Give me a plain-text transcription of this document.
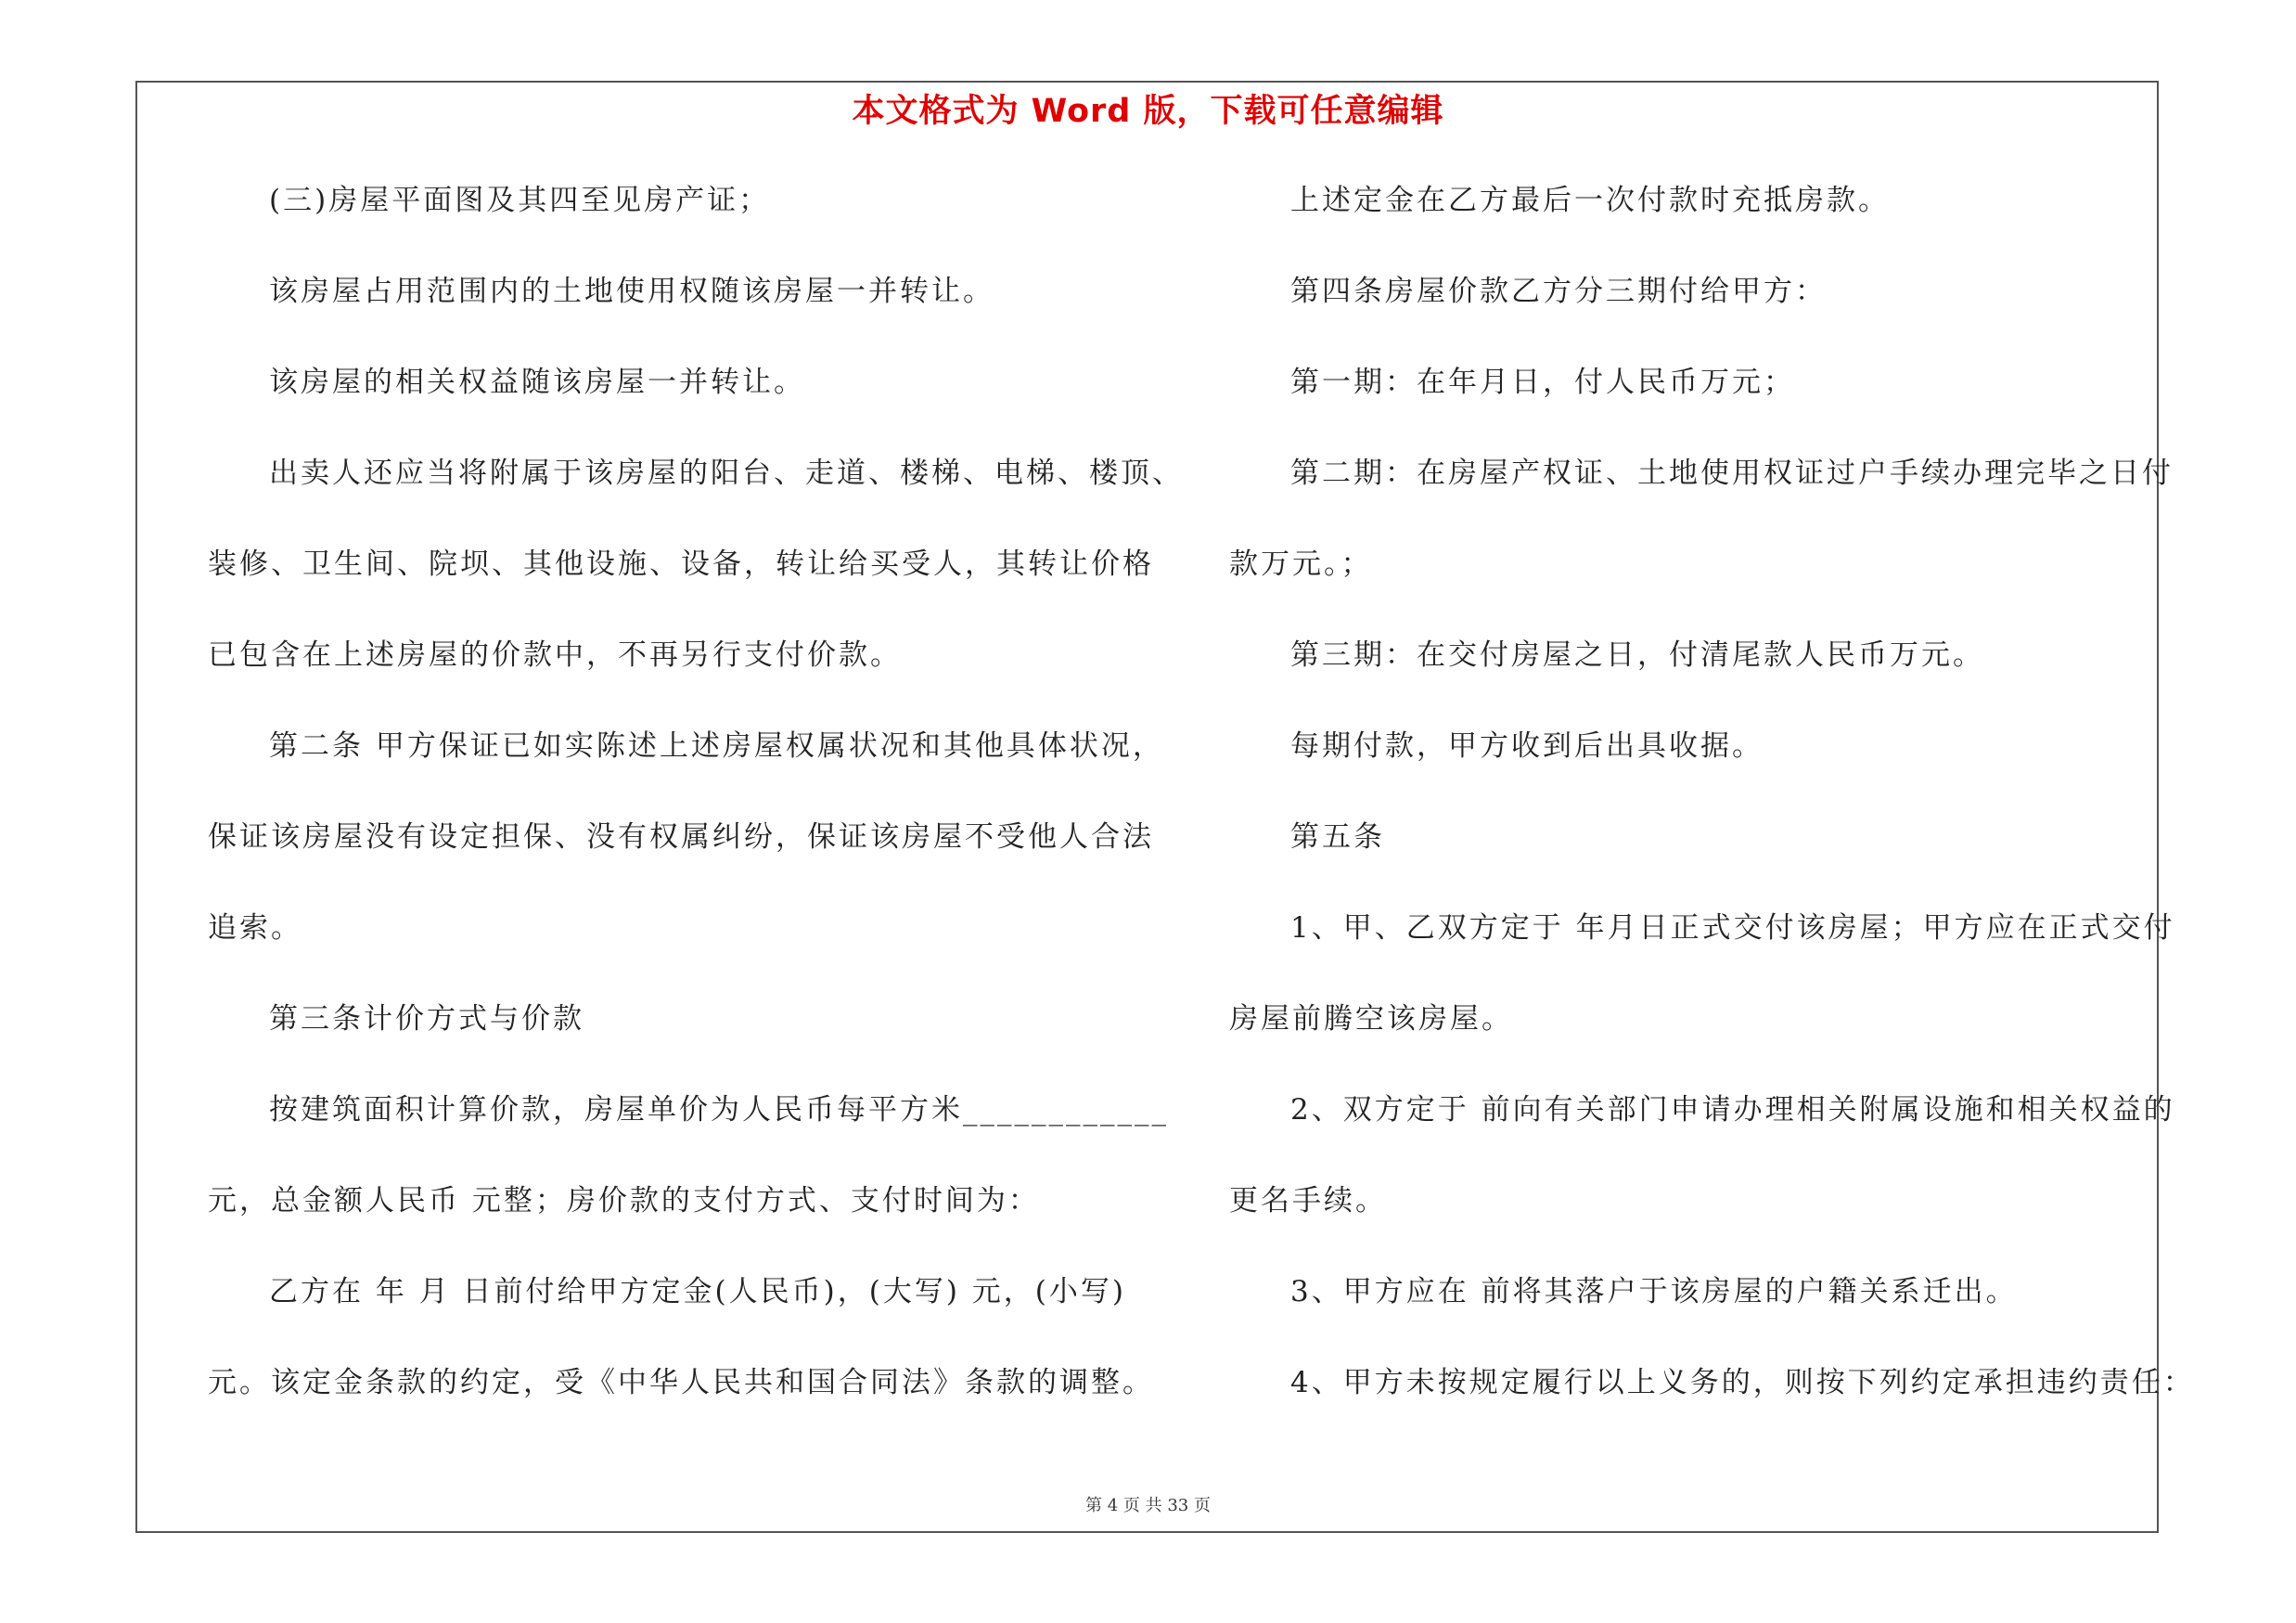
本文格式为 Word 版，下载可任意编辑
(三)房屋平面图及其四至见房产证；
该房屋占用范围内的土地使用权随该房屋一并转让。
该房屋的相关权益随该房屋一并转让。
出卖人还应当将附属于该房屋的阳台、走道、楼梯、电梯、楼顶、
装修、卫生间、院坝、其他设施、设备，转让给买受人，其转让价格
已包含在上述房屋的价款中，不再另行支付价款。
第二条 甲方保证已如实陈述上述房屋权属状况和其他具体状况，
保证该房屋没有设定担保、没有权属纠纷，保证该房屋不受他人合法
追索。
第三条计价方式与价款
按建筑面积计算价款，房屋单价为人民币每平方米____________
元，总金额人民币 元整；房价款的支付方式、支付时间为：
乙方在 年 月 日前付给甲方定金(人民币)，(大写) 元，(小写)
元。该定金条款的约定，受《中华人民共和国合同法》条款的调整。
上述定金在乙方最后一次付款时充抵房款。
第四条房屋价款乙方分三期付给甲方：
第一期：在年月日，付人民币万元；
第二期：在房屋产权证、土地使用权证过户手续办理完毕之日付
款万元。；
第三期：在交付房屋之日，付清尾款人民币万元。
每期付款，甲方收到后出具收据。
第五条
1、甲、乙双方定于 年月日正式交付该房屋；甲方应在正式交付
房屋前腾空该房屋。
2、双方定于 前向有关部门申请办理相关附属设施和相关权益的
更名手续。
3、甲方应在 前将其落户于该房屋的户籍关系迁出。
4、甲方未按规定履行以上义务的，则按下列约定承担违约责任：
第 4 页 共 33 页
